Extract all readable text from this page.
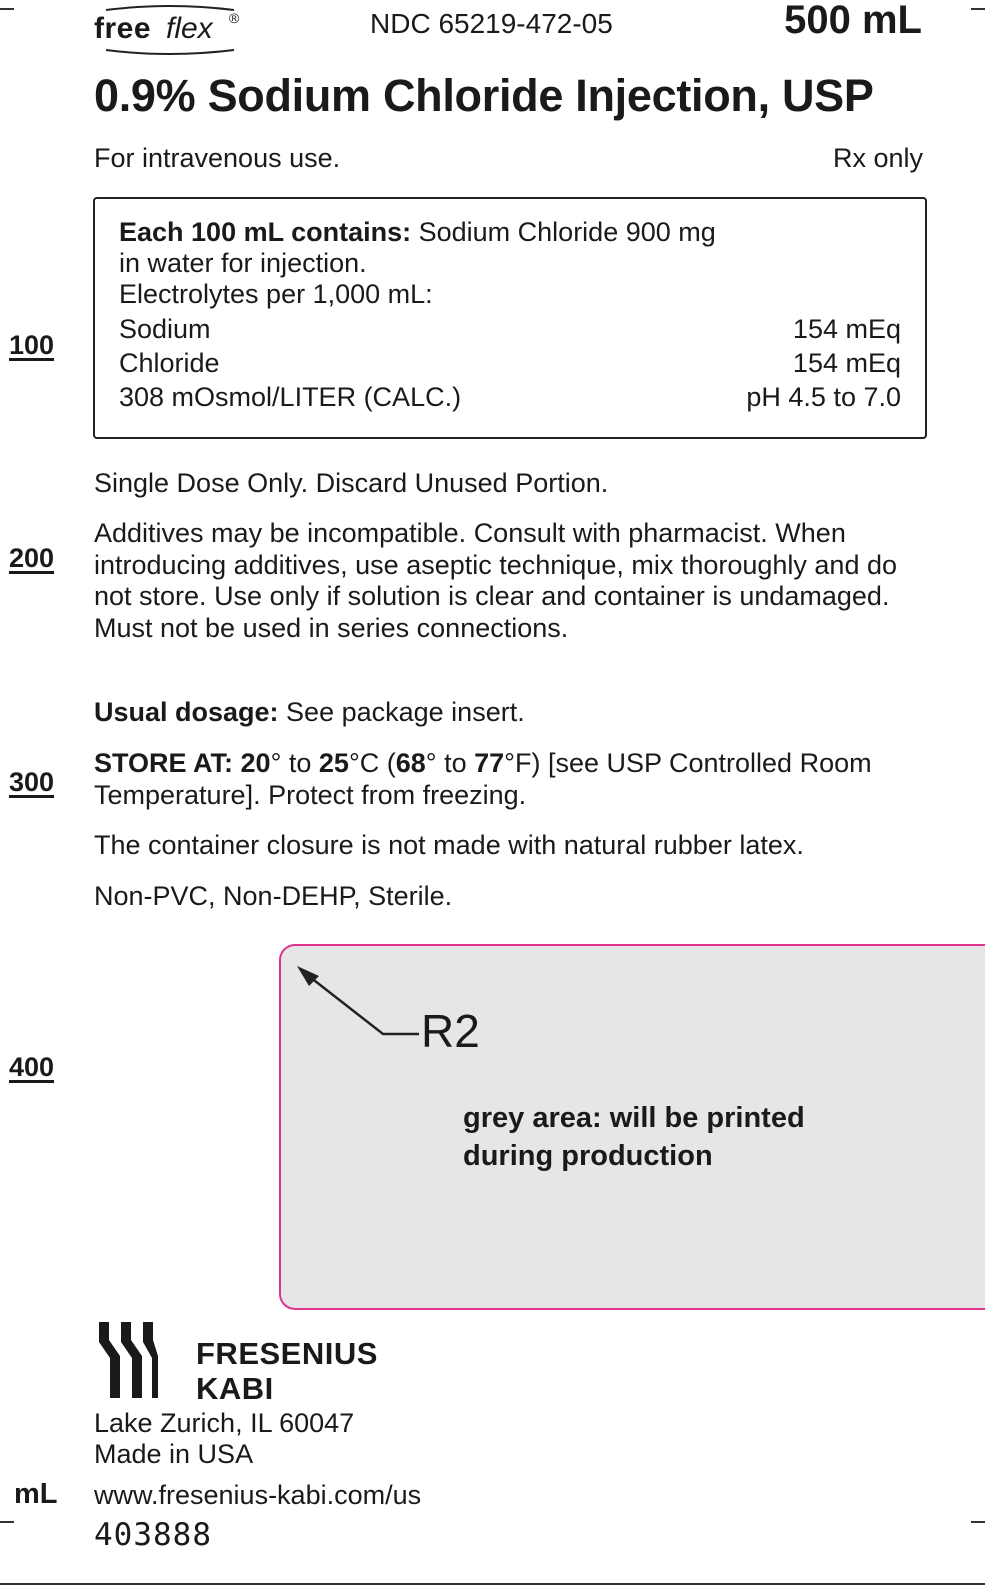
free flex ®	NDC 65219-472-05	500 mL
0.9% Sodium Chloride Injection, USP
For intravenous use.	Rx only
Each 100 mL contains: Sodium Chloride 900 mg
in water for injection.
Electrolytes per 1,000 mL:
Sodium	154 mEq
Chloride	154 mEq
308 mOsmol/LITER (CALC.)	pH 4.5 to 7.0
100
200
300
400
Single Dose Only. Discard Unused Portion.
Additives may be incompatible. Consult with pharmacist. When introducing additives, use aseptic technique, mix thoroughly and do not store. Use only if solution is clear and container is undamaged. Must not be used in series connections.
Usual dosage: See package insert.
STORE AT: 20° to 25°C (68° to 77°F) [see USP Controlled Room Temperature]. Protect from freezing.
The container closure is not made with natural rubber latex.
Non-PVC, Non-DEHP, Sterile.
R2
grey area: will be printed
during production
FRESENIUS
KABI
Lake Zurich, IL 60047
Made in USA
www.fresenius-kabi.com/us
mL
403888
